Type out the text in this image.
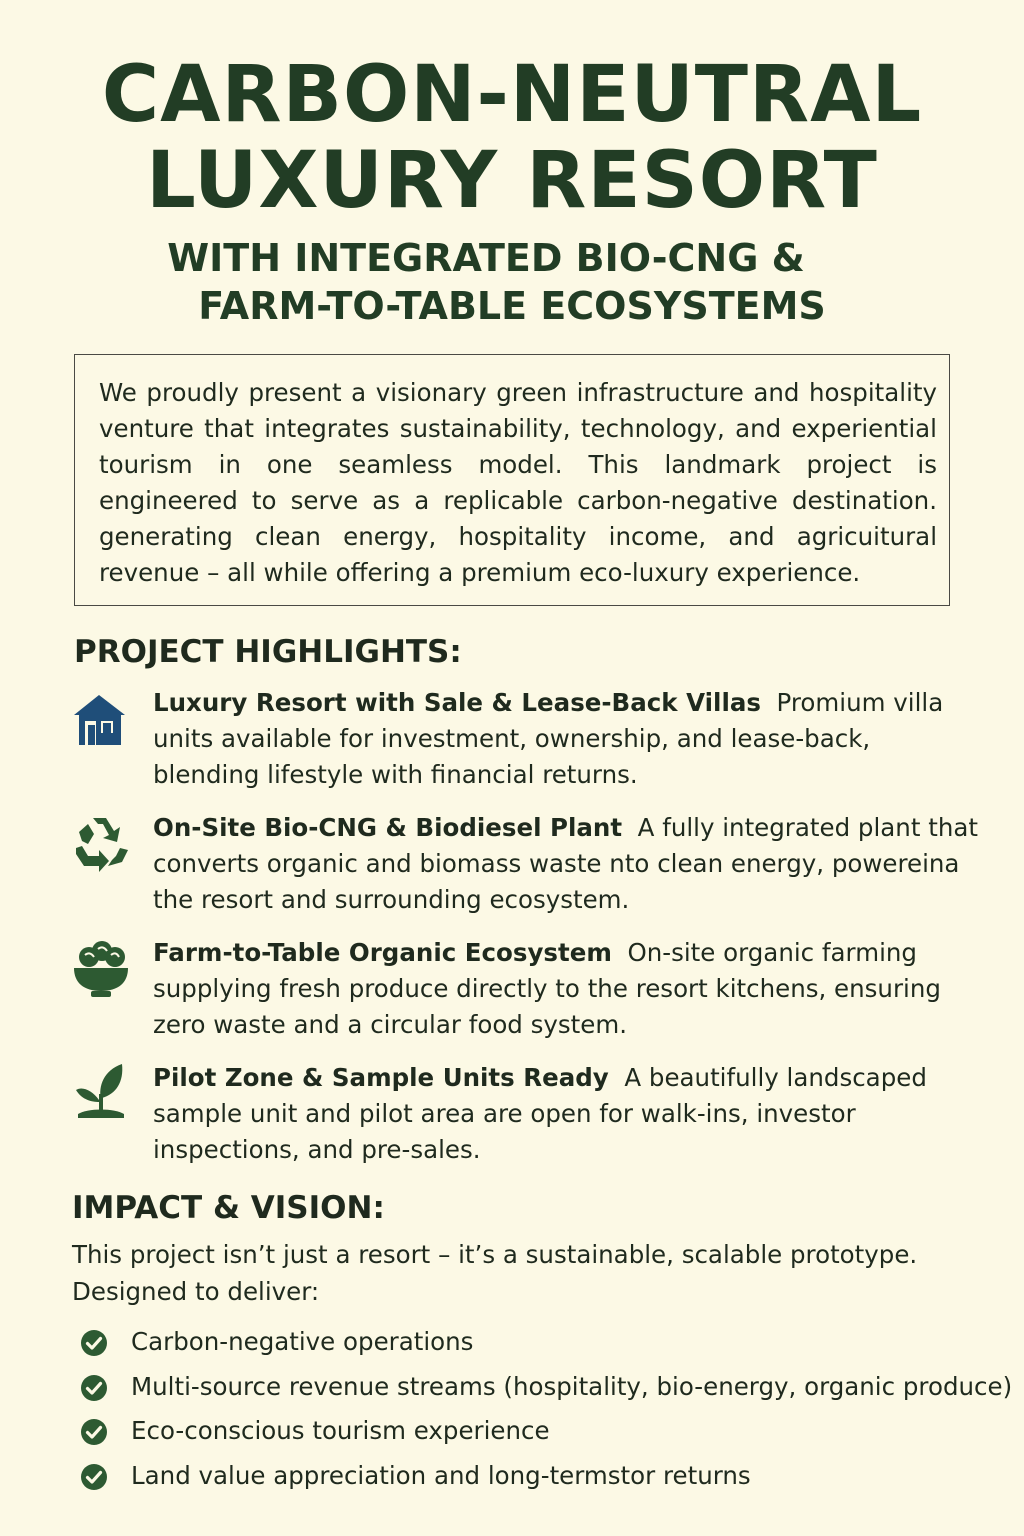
CARBON-NEUTRAL
LUXURY RESORT
WITH INTEGRATED BIO-CNG &
FARM-TO-TABLE ECOSYSTEMS

We proudly present a visionary green infrastructure and hospitality venture that integrates sustainability, technology, and experiential tourism in one seamless model. This landmark project is engineered to serve as a replicable carbon-negative destination. generating clean energy, hospitality income, and agricuitural revenue – all while offering a premium eco-luxury experience.

PROJECT HIGHLIGHTS:

Luxury Resort with Sale & Lease-Back Villas Promium villa units available for investment, ownership, and lease-back, blending lifestyle with financial returns.

On-Site Bio-CNG & Biodiesel Plant A fully integrated plant that converts organic and biomass waste nto clean energy, powereina the resort and surrounding ecosystem.

Farm-to-Table Organic Ecosystem On-site organic farming supplying fresh produce directly to the resort kitchens, ensuring zero waste and a circular food system.

Pilot Zone & Sample Units Ready A beautifully landscaped sample unit and pilot area are open for walk-ins, investor inspections, and pre-sales.

IMPACT & VISION:

This project isn’t just a resort – it’s a sustainable, scalable prototype. Designed to deliver:

Carbon-negative operations
Multi-source revenue streams (hospitality, bio-energy, organic produce)
Eco-conscious tourism experience
Land value appreciation and long-termstor returns
